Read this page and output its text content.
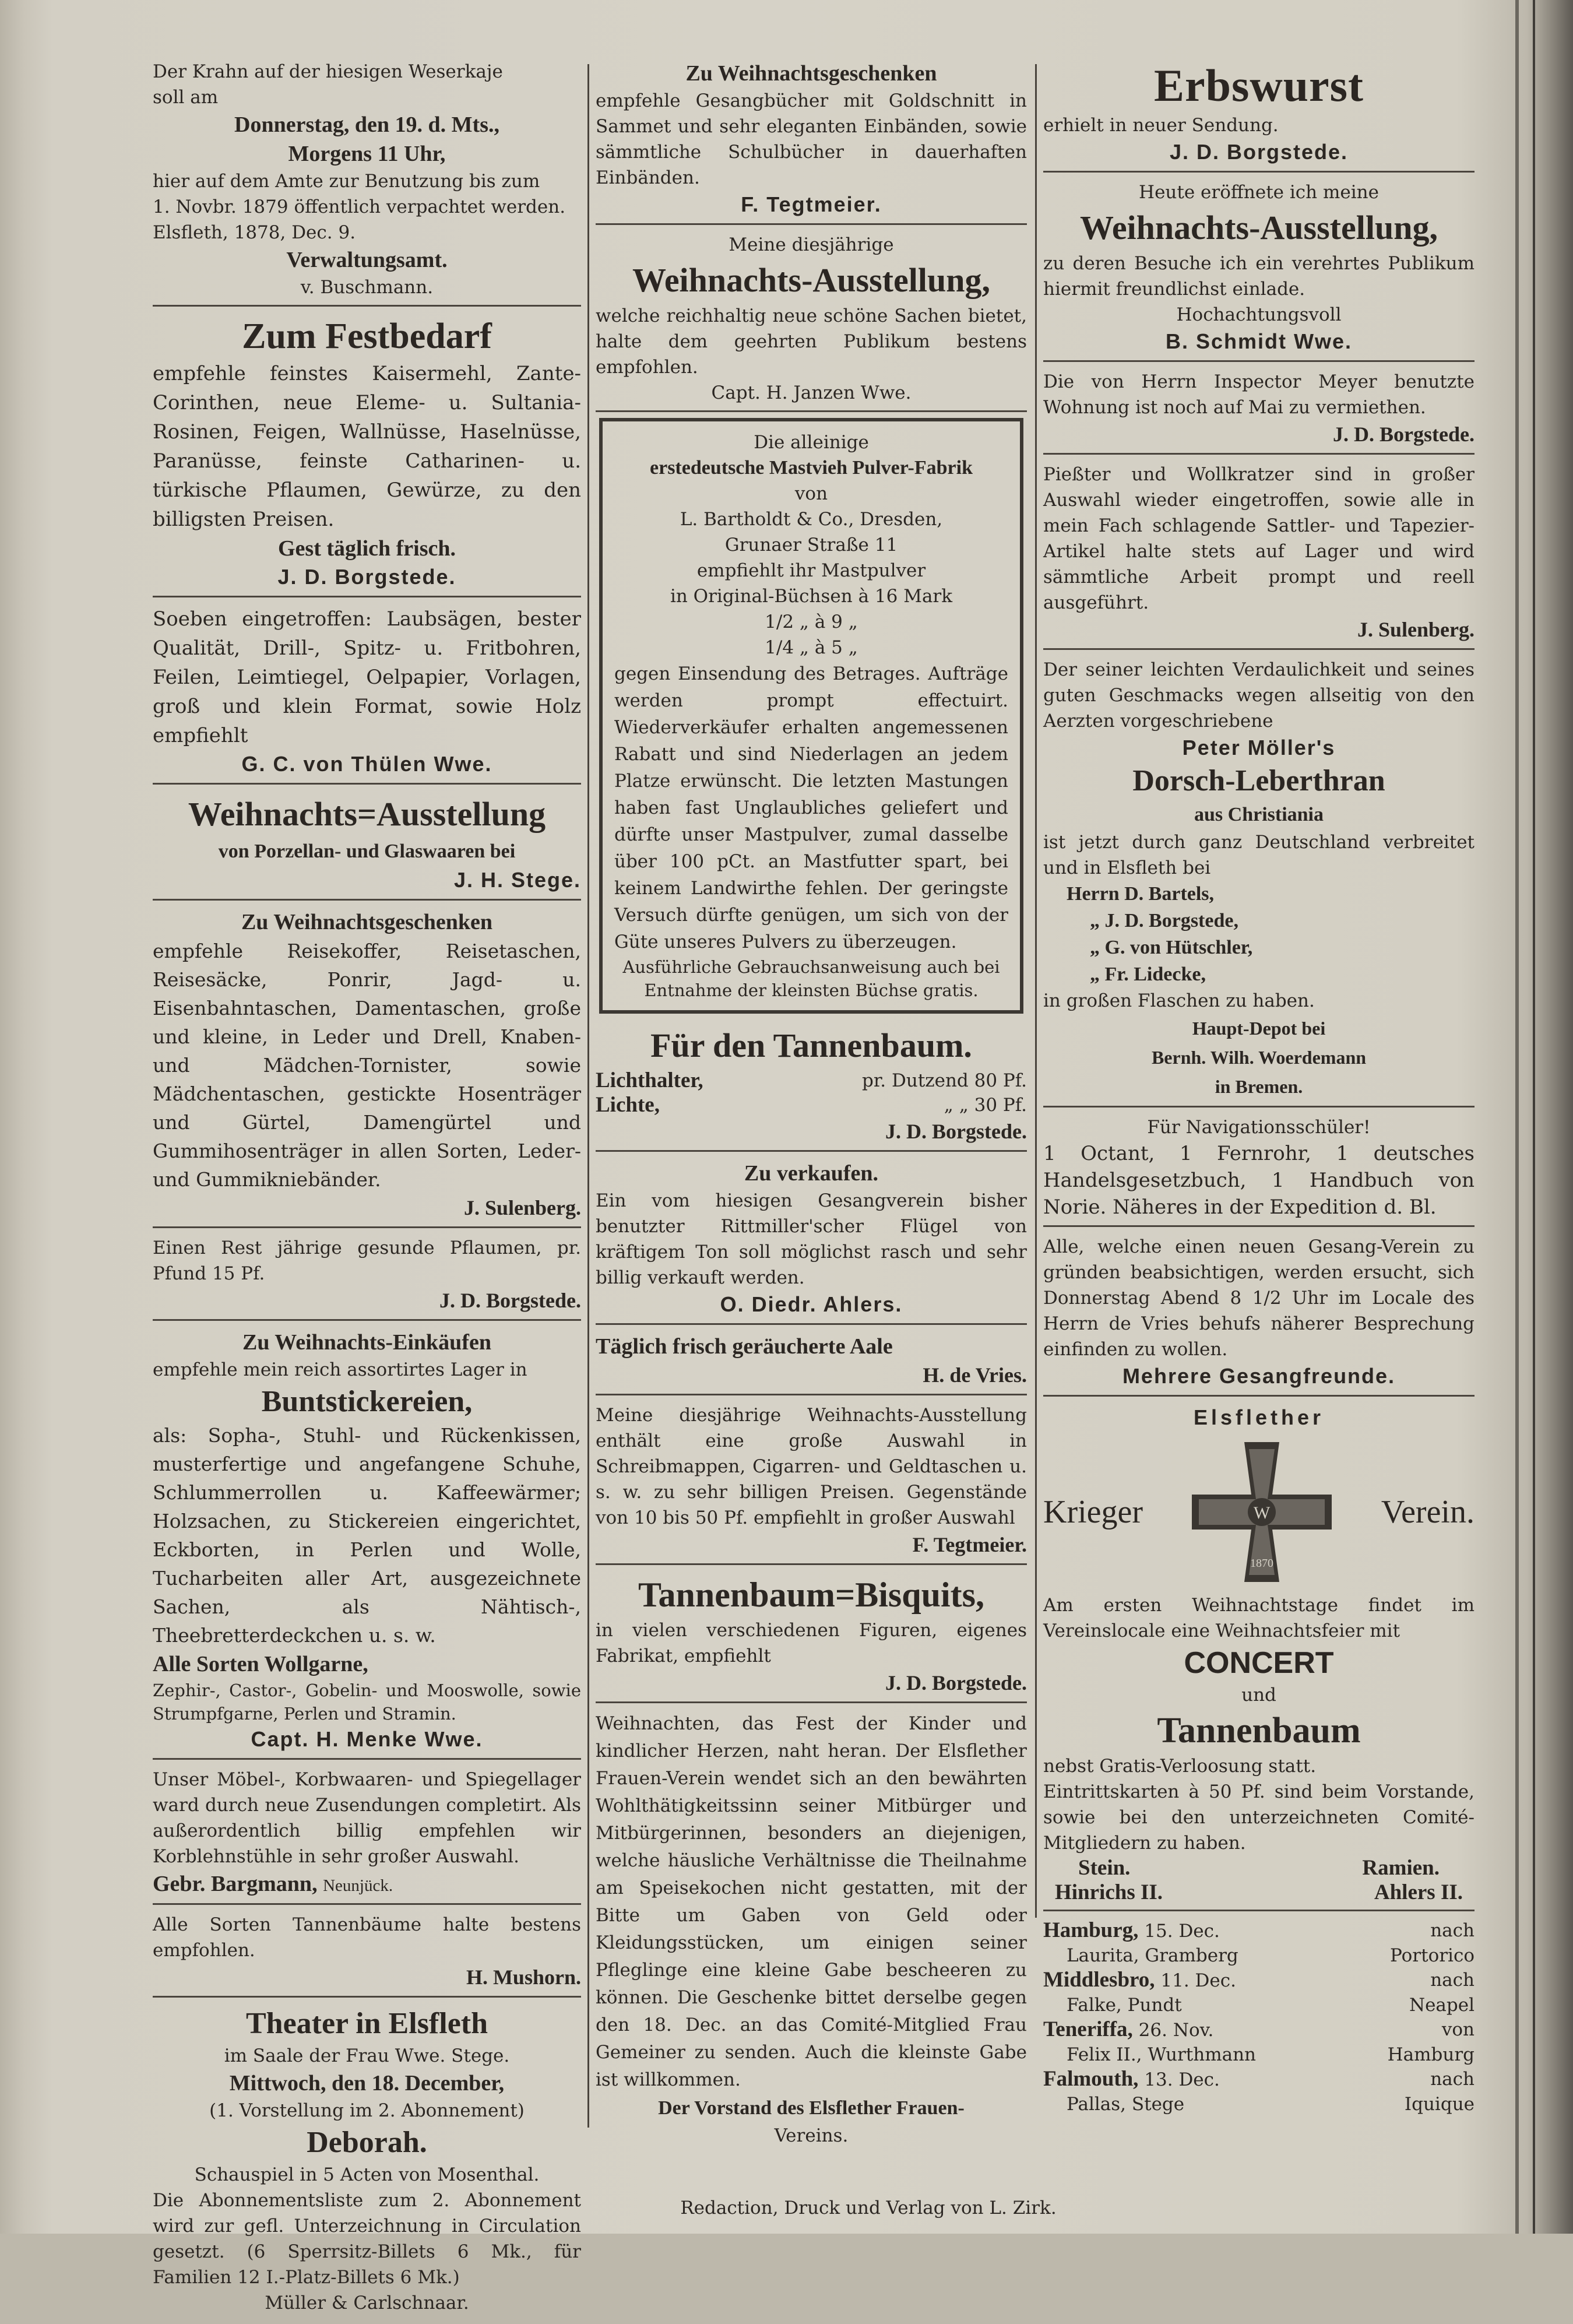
Der Krahn auf der hiesigen Weserkaje

soll am

Donnerstag, den 19. d. Mts.,

Morgens 11 Uhr,

hier auf dem Amte zur Benutzung bis zum

1. Novbr. 1879 öffentlich verpachtet werden.

Elsfleth, 1878, Dec. 9.

Verwaltungsamt.

v. Buschmann.

Zum Festbedarf

empfehle feinstes Kaisermehl, Zante-Corinthen, neue Eleme- u. Sultania-Rosinen, Feigen, Wallnüsse, Haselnüsse, Paranüsse, feinste Catharinen- u. türkische Pflaumen, Gewürze, zu den billigsten Preisen.

Gest täglich frisch.

J. D. Borgstede.

Soeben eingetroffen: Laubsägen, bester Qualität, Drill-, Spitz- u. Fritbohren, Feilen, Leimtiegel, Oelpapier, Vorlagen, groß und klein Format, sowie Holz empfiehlt

G. C. von Thülen Wwe.

Weihnachts=Ausstellung

von Porzellan- und Glaswaaren bei

J. H. Stege.

Zu Weihnachtsgeschenken

empfehle Reisekoffer, Reisetaschen, Reisesäcke, Ponrir, Jagd- u. Eisenbahntaschen, Damentaschen, große und kleine, in Leder und Drell, Knaben- und Mädchen-Tornister, sowie Mädchentaschen, gestickte Hosenträger und Gürtel, Damengürtel und Gummihosenträger in allen Sorten, Leder- und Gummikniebänder.

J. Sulenberg.

Einen Rest jährige gesunde Pflaumen, pr. Pfund 15 Pf.

J. D. Borgstede.

Zu Weihnachts-Einkäufen

empfehle mein reich assortirtes Lager in

Buntstickereien,

als: Sopha-, Stuhl- und Rückenkissen, musterfertige und angefangene Schuhe, Schlummerrollen u. Kaffeewärmer; Holzsachen, zu Stickereien eingerichtet, Eckborten, in Perlen und Wolle, Tucharbeiten aller Art, ausgezeichnete Sachen, als Nähtisch-, Theebretterdeckchen u. s. w.

Alle Sorten Wollgarne,

Zephir-, Castor-, Gobelin- und Mooswolle, sowie Strumpfgarne, Perlen und Stramin.

Capt. H. Menke Wwe.

Unser Möbel-, Korbwaaren- und Spiegellager ward durch neue Zusendungen completirt. Als außerordentlich billig empfehlen wir Korblehnstühle in sehr großer Auswahl.

Gebr. Bargmann, Neunjück.

Alle Sorten Tannenbäume halte bestens empfohlen.

H. Mushorn.

Theater in Elsfleth

im Saale der Frau Wwe. Stege.

Mittwoch, den 18. December,

(1. Vorstellung im 2. Abonnement)

Deborah.

Schauspiel in 5 Acten von Mosenthal.

Die Abonnementsliste zum 2. Abonnement wird zur gefl. Unterzeichnung in Circulation gesetzt. (6 Sperrsitz-Billets 6 Mk., für Familien 12 I.-Platz-Billets 6 Mk.)

Müller & Carlschnaar.

Zu Weihnachtsgeschenken

empfehle Gesangbücher mit Goldschnitt in Sammet und sehr eleganten Einbänden, sowie sämmtliche Schulbücher in dauerhaften Einbänden.

F. Tegtmeier.

Meine diesjährige

Weihnachts-Ausstellung,

welche reichhaltig neue schöne Sachen bietet, halte dem geehrten Publikum bestens empfohlen.

Capt. H. Janzen Wwe.

Die alleinige

erstedeutsche Mastvieh Pulver-Fabrik

von

L. Bartholdt & Co., Dresden,

Grunaer Straße 11

empfiehlt ihr Mastpulver

in Original-Büchsen à 16 Mark

1/2 „ à 9 „

1/4 „ à 5 „

gegen Einsendung des Betrages. Aufträge werden prompt effectuirt. Wiederverkäufer erhalten angemessenen Rabatt und sind Niederlagen an jedem Platze erwünscht. Die letzten Mastungen haben fast Unglaubliches geliefert und dürfte unser Mastpulver, zumal dasselbe über 100 pCt. an Mastfutter spart, bei keinem Landwirthe fehlen. Der geringste Versuch dürfte genügen, um sich von der Güte unseres Pulvers zu überzeugen.

Ausführliche Gebrauchsanweisung auch bei Entnahme der kleinsten Büchse gratis.

Für den Tannenbaum.

Lichthalter,	pr. Dutzend 80 Pf.
Lichte,	„ „ 30 Pf.

J. D. Borgstede.

Zu verkaufen.

Ein vom hiesigen Gesangverein bisher benutzter Rittmiller'scher Flügel von kräftigem Ton soll möglichst rasch und sehr billig verkauft werden.

O. Diedr. Ahlers.

Täglich frisch geräucherte Aale

H. de Vries.

Meine diesjährige Weihnachts-Ausstellung enthält eine große Auswahl in Schreibmappen, Cigarren- und Geldtaschen u. s. w. zu sehr billigen Preisen. Gegenstände von 10 bis 50 Pf. empfiehlt in großer Auswahl

F. Tegtmeier.

Tannenbaum=Bisquits,

in vielen verschiedenen Figuren, eigenes Fabrikat, empfiehlt

J. D. Borgstede.

Weihnachten, das Fest der Kinder und kindlicher Herzen, naht heran. Der Elsflether Frauen-Verein wendet sich an den bewährten Wohlthätigkeitssinn seiner Mitbürger und Mitbürgerinnen, besonders an diejenigen, welche häusliche Verhältnisse die Theilnahme am Speisekochen nicht gestatten, mit der Bitte um Gaben von Geld oder Kleidungsstücken, um einigen seiner Pfleglinge eine kleine Gabe bescheeren zu können. Die Geschenke bittet derselbe gegen den 18. Dec. an das Comité-Mitglied Frau Gemeiner zu senden. Auch die kleinste Gabe ist willkommen.

Der Vorstand des Elsflether Frauen-

Vereins.

Erbswurst

erhielt in neuer Sendung.

J. D. Borgstede.

Heute eröffnete ich meine

Weihnachts-Ausstellung,

zu deren Besuche ich ein verehrtes Publikum hiermit freundlichst einlade.

Hochachtungsvoll

B. Schmidt Wwe.

Die von Herrn Inspector Meyer benutzte Wohnung ist noch auf Mai zu vermiethen.

J. D. Borgstede.

Pießter und Wollkratzer sind in großer Auswahl wieder eingetroffen, sowie alle in mein Fach schlagende Sattler- und Tapezier-Artikel halte stets auf Lager und wird sämmtliche Arbeit prompt und reell ausgeführt.

J. Sulenberg.

Der seiner leichten Verdaulichkeit und seines guten Geschmacks wegen allseitig von den Aerzten vorgeschriebene

Peter Möller's

Dorsch-Leberthran

aus Christiania

ist jetzt durch ganz Deutschland verbreitet und in Elsfleth bei

Herrn D. Bartels,

„ J. D. Borgstede,

„ G. von Hütschler,

„ Fr. Lidecke,

in großen Flaschen zu haben.

Haupt-Depot bei

Bernh. Wilh. Woerdemann

in Bremen.

Für Navigationsschüler!

1 Octant, 1 Fernrohr, 1 deutsches Handelsgesetzbuch, 1 Handbuch von Norie. Näheres in der Expedition d. Bl.

Alle, welche einen neuen Gesang-Verein zu gründen beabsichtigen, werden ersucht, sich Donnerstag Abend 8 1/2 Uhr im Locale des Herrn de Vries behufs näherer Besprechung einfinden zu wollen.

Mehrere Gesangfreunde.

Elsflether

Krieger	W
1870
Verein.

Am ersten Weihnachtstage findet im Vereinslocale eine Weihnachtsfeier mit

CONCERT

und

Tannenbaum

nebst Gratis-Verloosung statt.

Eintrittskarten à 50 Pf. sind beim Vorstande, sowie bei den unterzeichneten Comité-Mitgliedern zu haben.

Stein.	Ramien.
Hinrichs II.	Ahlers II.
Hamburg, 15. Dec.	nach
Laurita, Gramberg	Portorico
Middlesbro, 11. Dec.	nach
Falke, Pundt	Neapel
Teneriffa, 26. Nov.	von
Felix II., Wurthmann	Hamburg
Falmouth, 13. Dec.	nach
Pallas, Stege	Iquique
Redaction, Druck und Verlag von L. Zirk.
